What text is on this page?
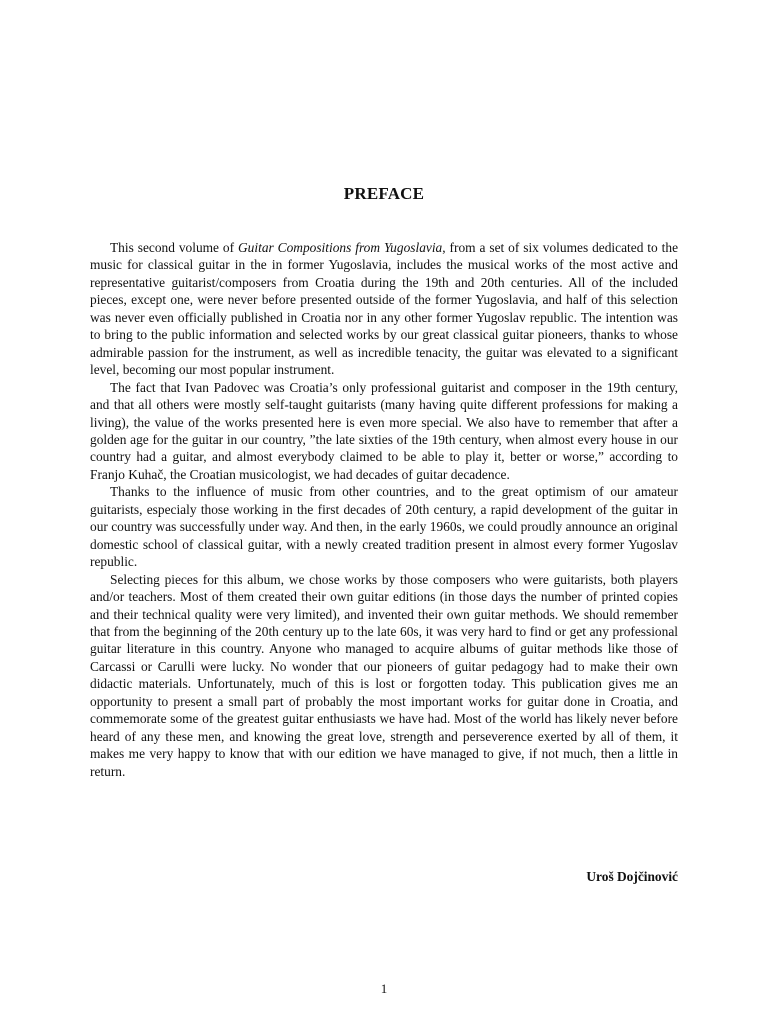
PREFACE

This second volume of Guitar Compositions from Yugoslavia, from a set of six volumes dedicated to the music for classical guitar in the in former Yugoslavia, includes the musical works of the most active and representative guitarist/composers from Croatia during the 19th and 20th centuries. All of the included pieces, except one, were never before presented outside of the former Yugoslavia, and half of this selection was never even officially published in Croatia nor in any other former Yugoslav republic. The intention was to bring to the public information and selected works by our great classical guitar pioneers, thanks to whose admirable passion for the instrument, as well as incredible tenacity, the guitar was elevated to a significant level, becoming our most popular instrument.

The fact that Ivan Padovec was Croatia’s only professional guitarist and composer in the 19th century, and that all others were mostly self-taught guitarists (many having quite different professions for making a living), the value of the works presented here is even more special. We also have to remember that after a golden age for the guitar in our country, ”the late sixties of the 19th century, when almost every house in our country had a guitar, and almost everybody claimed to be able to play it, better or worse,” according to Franjo Kuhač, the Croatian musicologist, we had decades of guitar decadence.

Thanks to the influence of music from other countries, and to the great optimism of our amateur guitarists, especialy those working in the first decades of 20th century, a rapid development of the guitar in our country was successfully under way. And then, in the early 1960s, we could proudly announce an original domestic school of classical guitar, with a newly created tradition present in almost every former Yugoslav republic.

Selecting pieces for this album, we chose works by those composers who were guitarists, both players and/or teachers. Most of them created their own guitar editions (in those days the number of printed copies and their technical quality were very limited), and invented their own guitar methods. We should remember that from the beginning of the 20th century up to the late 60s, it was very hard to find or get any professional guitar literature in this country. Anyone who managed to acquire albums of guitar methods like those of Carcassi or Carulli were lucky. No wonder that our pioneers of guitar pedagogy had to make their own didactic materials. Unfortunately, much of this is lost or forgotten today. This publication gives me an opportunity to present a small part of probably the most important works for guitar done in Croatia, and commemorate some of the greatest guitar enthusiasts we have had. Most of the world has likely never before heard of any these men, and knowing the great love, strength and perseverence exerted by all of them, it makes me very happy to know that with our edition we have managed to give, if not much, then a little in return.

Uroš Dojčinović
1
